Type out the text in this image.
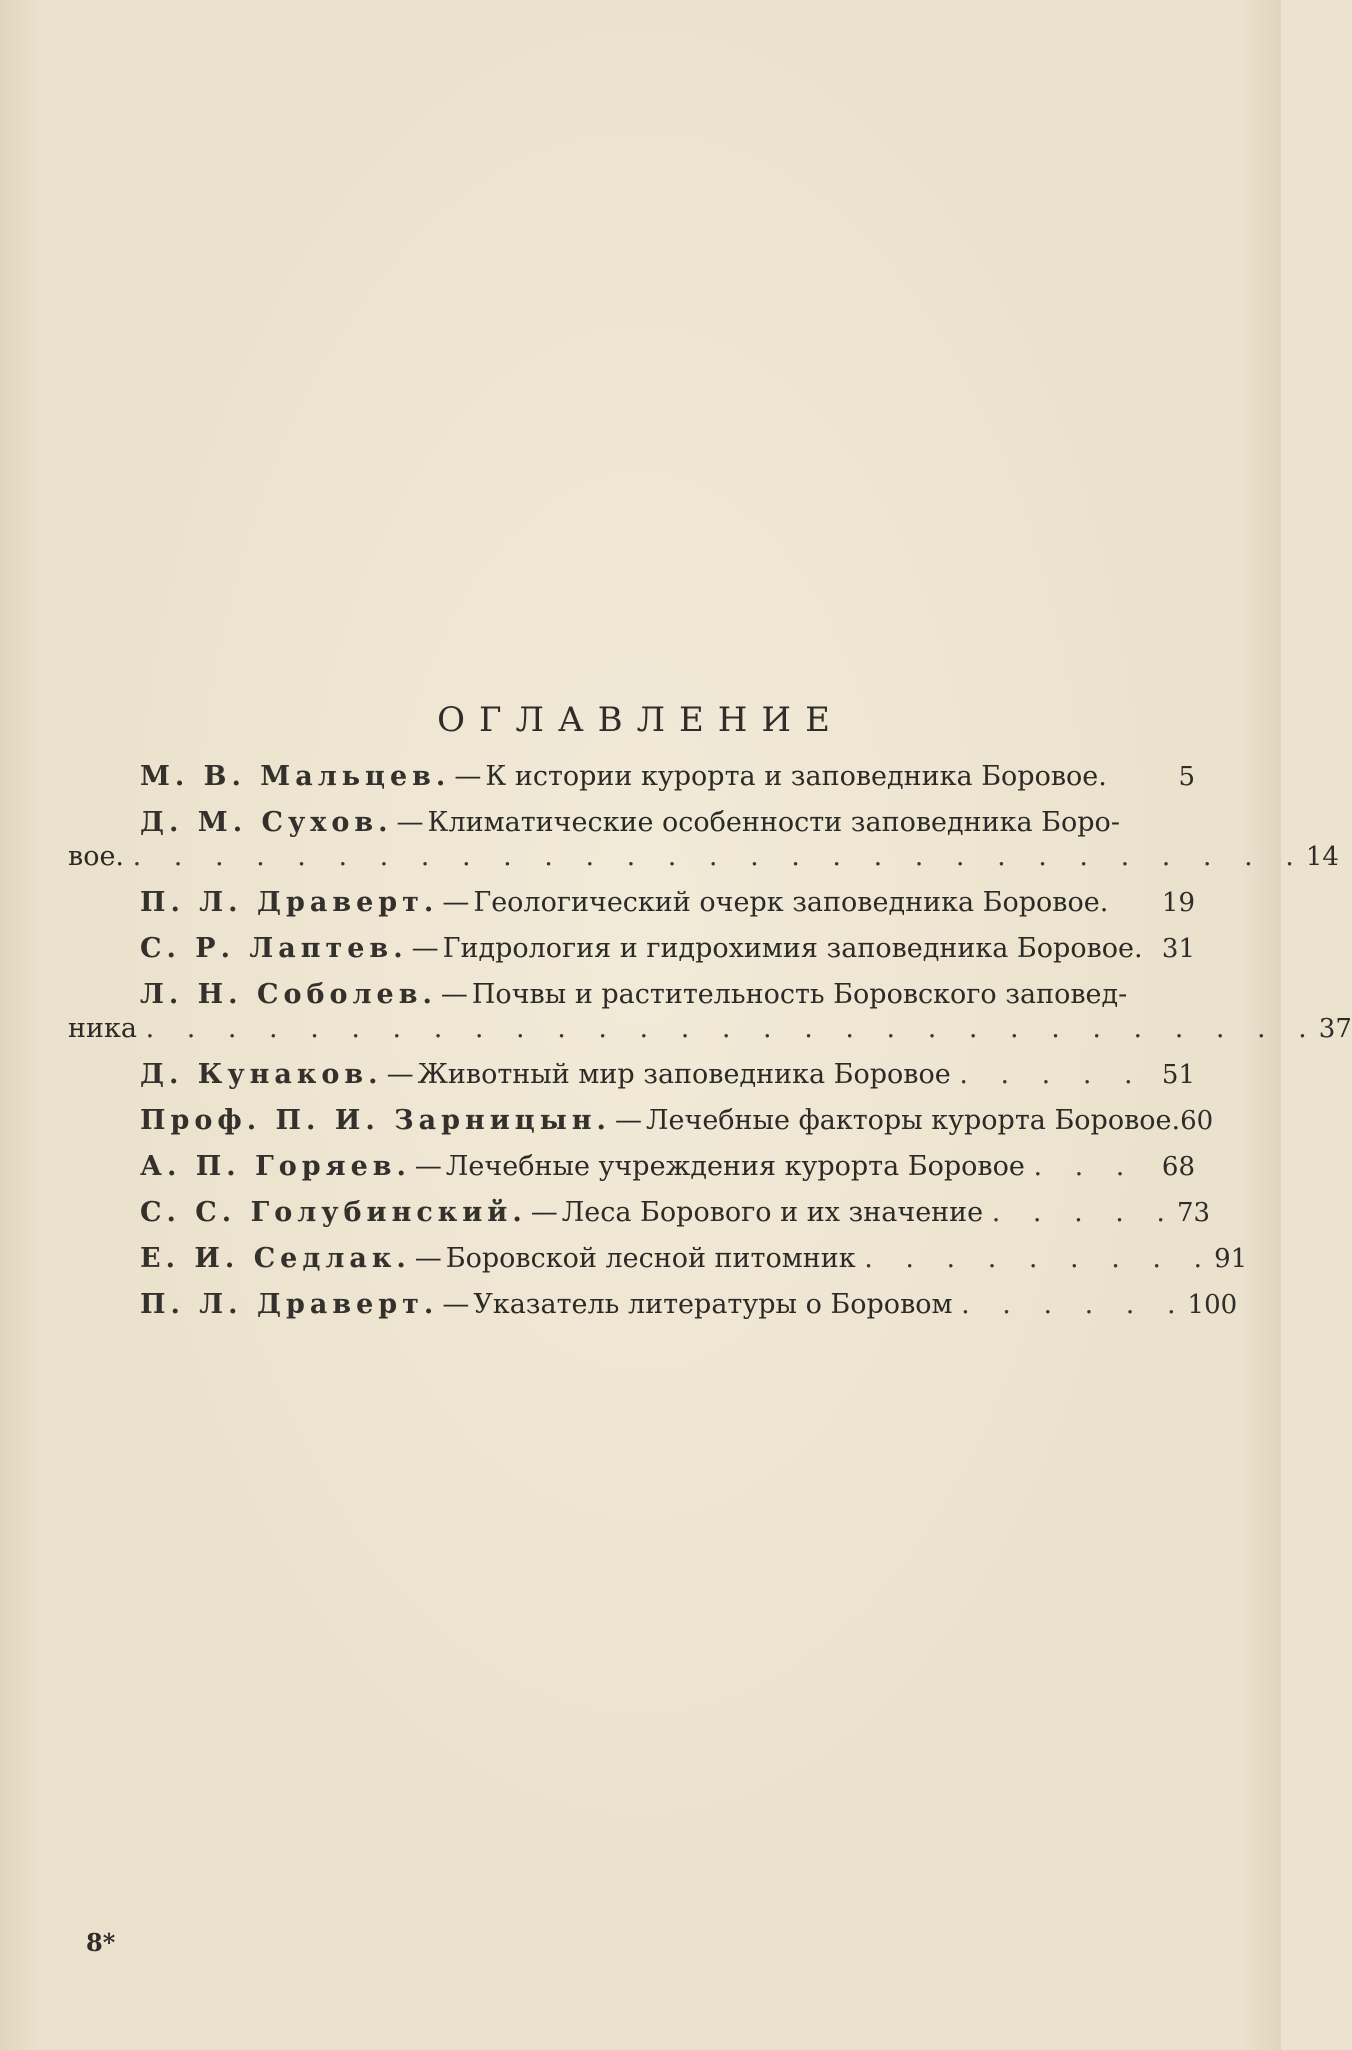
ОГЛАВЛЕНИЕ
М. В. Мальцев. — К истории курорта и заповедника Боровое.	5
Д. М. Сухов. — Климатические особенности заповедника Боро-
вое. . . . . . . . . . . . . . . . . . . . . . . . . . . . . . 14
П. Л. Драверт. — Геологический очерк заповедника Боровое.	19
С. Р. Лаптев. — Гидрология и гидрохимия заповедника Боровое. 31
Л. Н. Соболев. — Почвы и растительность Боровского заповед-
ника . . . . . . . . . . . . . . . . . . . . . . . . . . . . . 37
Д. Кунаков. — Животный мир заповедника Боровое . . . . . 51
Проф. П. И. Зарницын. — Лечебные факторы курорта Боровое. 60
А. П. Горяев. — Лечебные учреждения курорта Боровое . . . 68
С. С. Голубинский. — Леса Борового и их значение . . . . . 73
Е. И. Седлак. — Боровской лесной питомник . . . . . . . . . 91
П. Л. Драверт. — Указатель литературы о Боровом . . . . . . 100
8*
